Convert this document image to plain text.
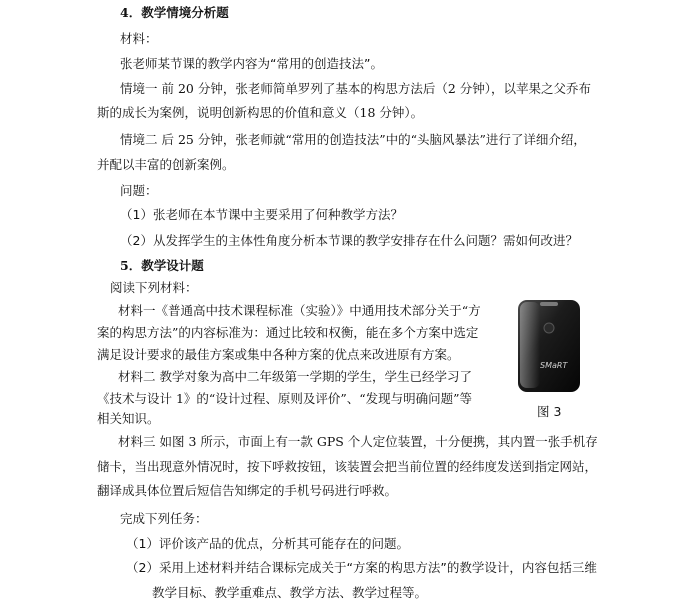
4．教学情境分析题
材料：
张老师某节课的教学内容为“常用的创造技法”。
情境一 前 20 分钟，张老师简单罗列了基本的构思方法后（2 分钟），以苹果之父乔布
斯的成长为案例，说明创新构思的价值和意义（18 分钟）。
情境二 后 25 分钟，张老师就“常用的创造技法”中的“头脑风暴法”进行了详细介绍，
并配以丰富的创新案例。
问题：
（1）张老师在本节课中主要采用了何种教学方法？
（2）从发挥学生的主体性角度分析本节课的教学安排存在什么问题？需如何改进？
5．教学设计题
阅读下列材料：
材料一《普通高中技术课程标准（实验）》中通用技术部分关于“方
案的构思方法”的内容标准为：通过比较和权衡，能在多个方案中选定
满足设计要求的最佳方案或集中各种方案的优点来改进原有方案。
材料二 教学对象为高中二年级第一学期的学生，学生已经学习了
《技术与设计 1》的“设计过程、原则及评价”、“发现与明确问题”等
相关知识。
SMaRT
图 3
材料三 如图 3 所示，市面上有一款 GPS 个人定位装置，十分便携，其内置一张手机存
储卡，当出现意外情况时，按下呼救按钮，该装置会把当前位置的经纬度发送到指定网站，
翻译成具体位置后短信告知绑定的手机号码进行呼救。
完成下列任务：
（1）评价该产品的优点，分析其可能存在的问题。
（2）采用上述材料并结合课标完成关于“方案的构思方法”的教学设计，内容包括三维
教学目标、教学重难点、教学方法、教学过程等。
